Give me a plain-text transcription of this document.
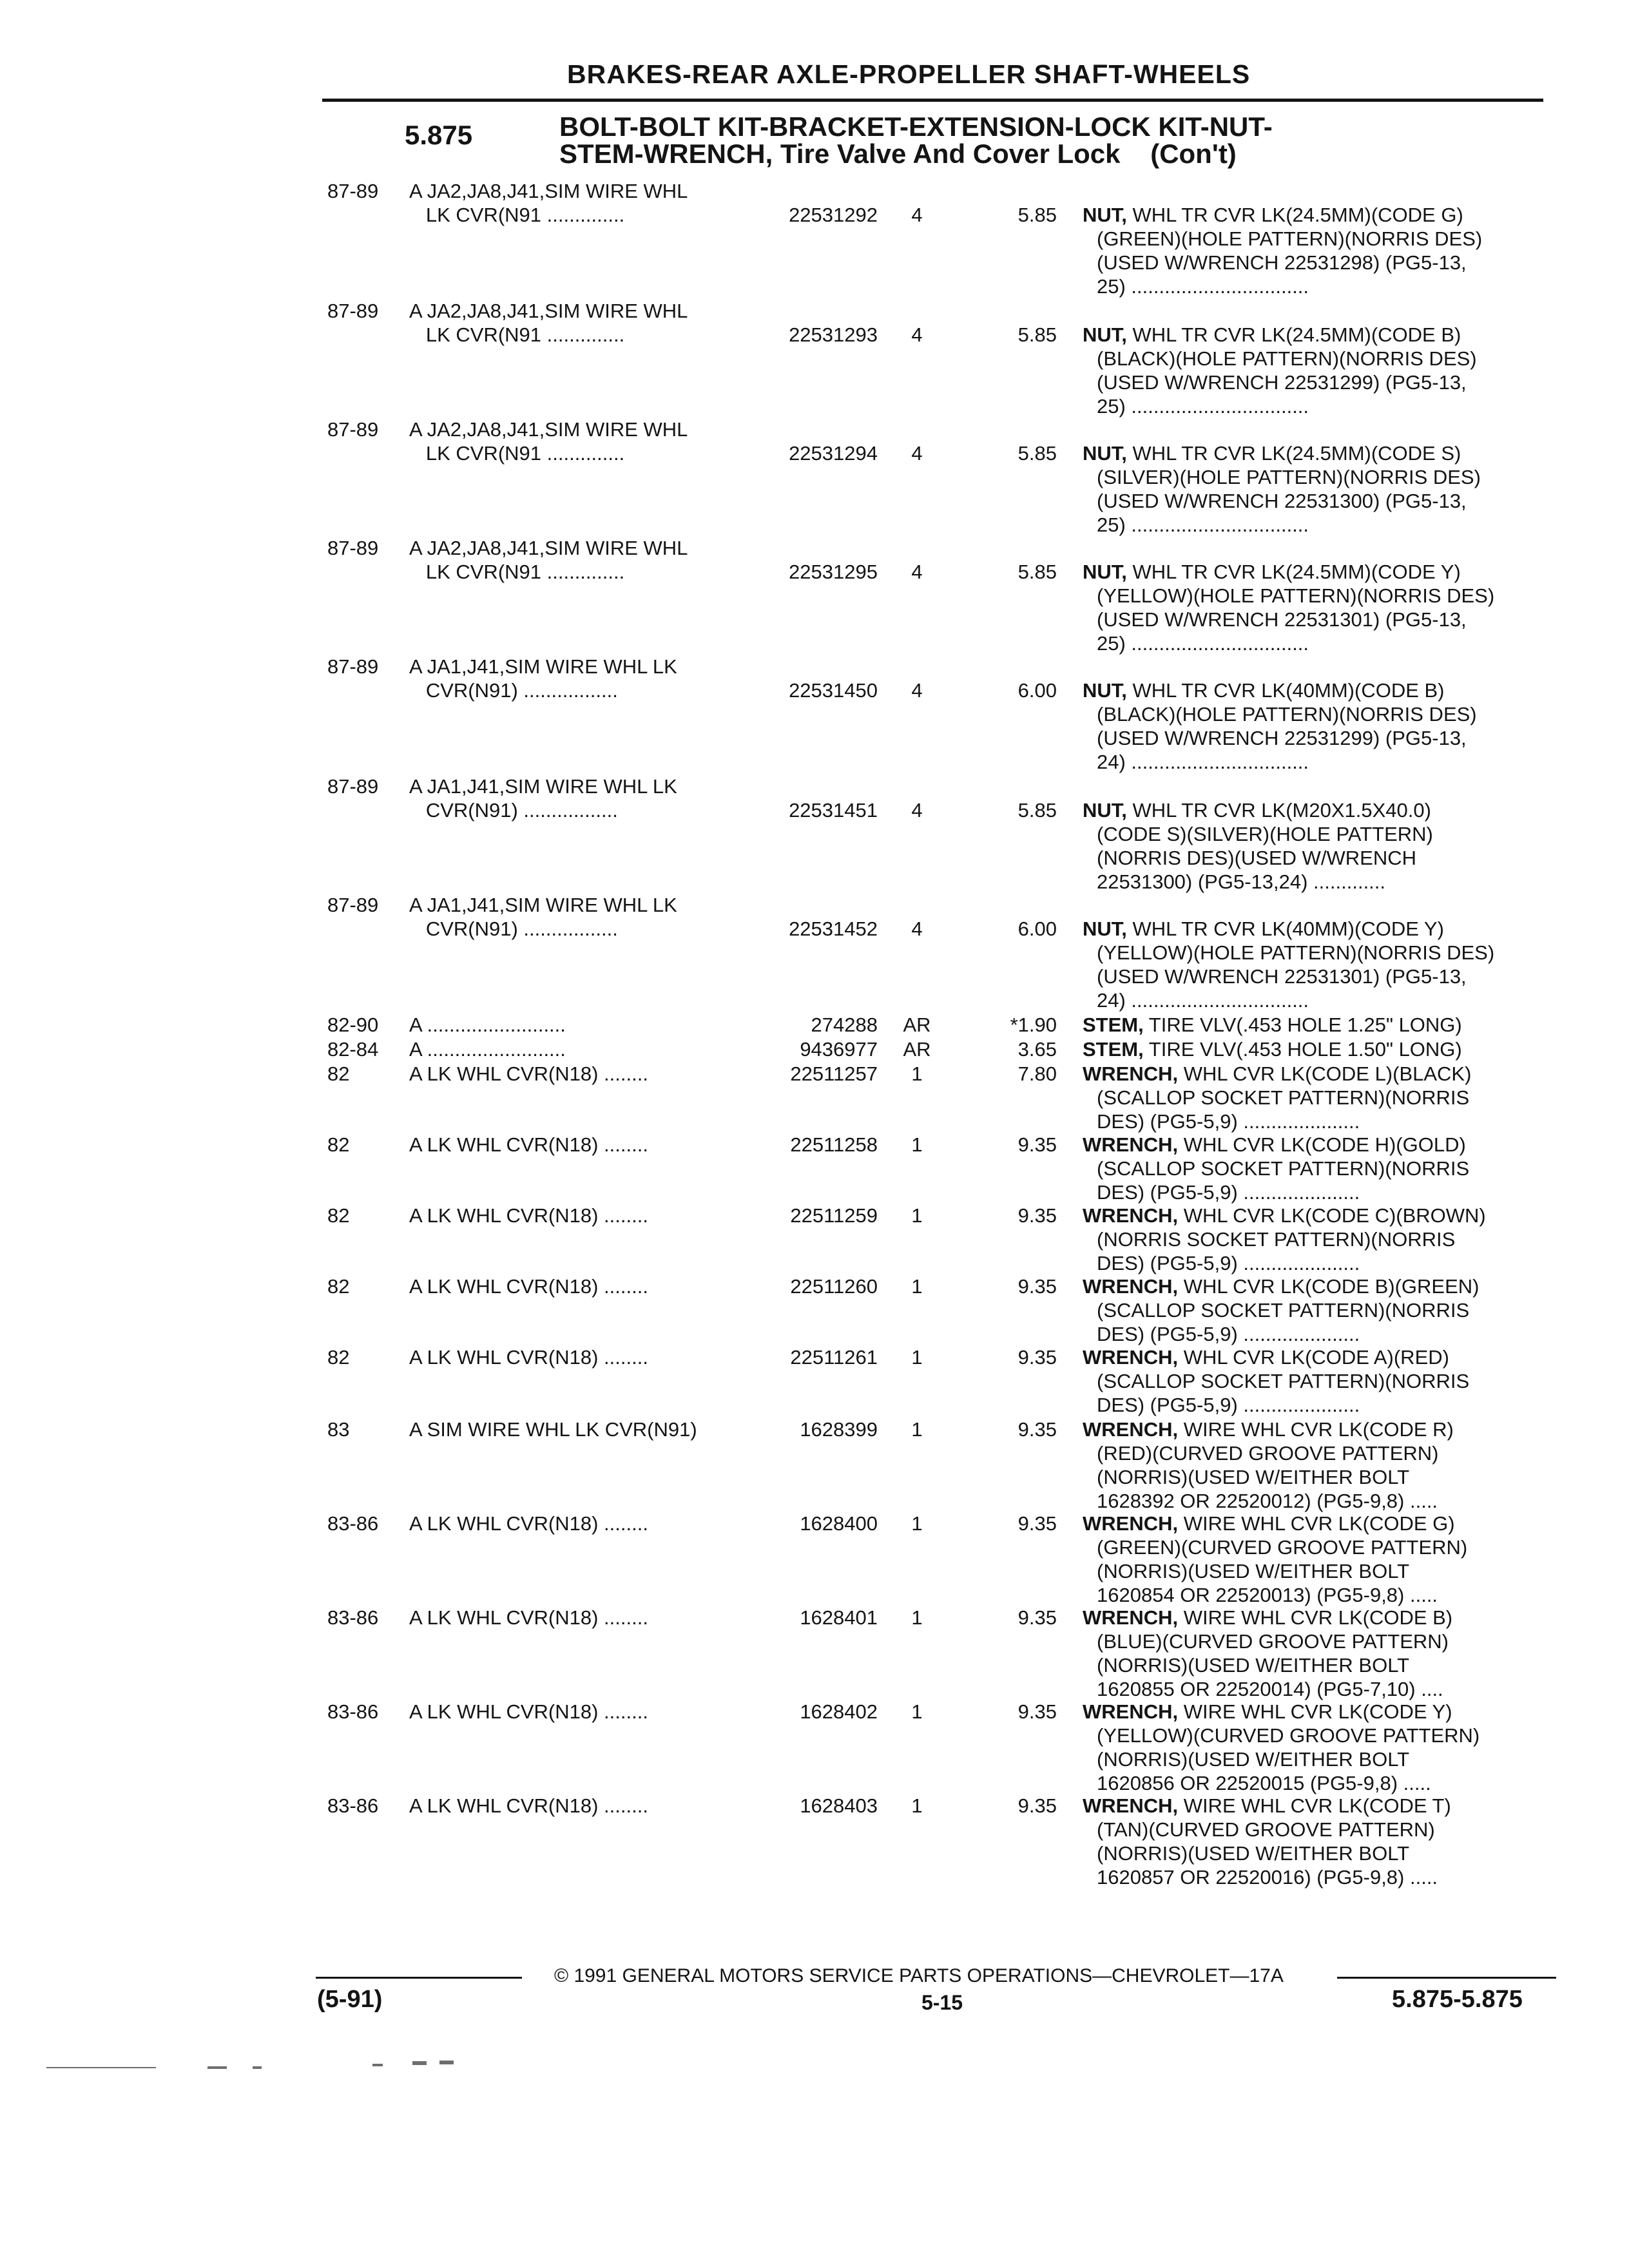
BRAKES-REAR AXLE-PROPELLER SHAFT-WHEELS
5.875	BOLT-BOLT KIT-BRACKET-EXTENSION-LOCK KIT-NUT-
STEM-WRENCH, Tire Valve And Cover Lock (Con't)
87-89 A JA2,JA8,J41,SIM WIRE WHL
LK CVR(N91 ..............	22531292	4	5.85 NUT, WHL TR CVR LK(24.5MM)(CODE G)
(GREEN)(HOLE PATTERN)(NORRIS DES)
(USED W/WRENCH 22531298) (PG5-13,
25) ................................
87-89 A JA2,JA8,J41,SIM WIRE WHL
LK CVR(N91 ..............	22531293	4	5.85 NUT, WHL TR CVR LK(24.5MM)(CODE B)
(BLACK)(HOLE PATTERN)(NORRIS DES)
(USED W/WRENCH 22531299) (PG5-13,
25) ................................
87-89 A JA2,JA8,J41,SIM WIRE WHL
LK CVR(N91 ..............	22531294	4	5.85 NUT, WHL TR CVR LK(24.5MM)(CODE S)
(SILVER)(HOLE PATTERN)(NORRIS DES)
(USED W/WRENCH 22531300) (PG5-13,
25) ................................
87-89 A JA2,JA8,J41,SIM WIRE WHL
LK CVR(N91 ..............	22531295	4	5.85 NUT, WHL TR CVR LK(24.5MM)(CODE Y)
(YELLOW)(HOLE PATTERN)(NORRIS DES)
(USED W/WRENCH 22531301) (PG5-13,
25) ................................
87-89 A JA1,J41,SIM WIRE WHL LK
CVR(N91) .................	22531450	4	6.00 NUT, WHL TR CVR LK(40MM)(CODE B)
(BLACK)(HOLE PATTERN)(NORRIS DES)
(USED W/WRENCH 22531299) (PG5-13,
24) ................................
87-89 A JA1,J41,SIM WIRE WHL LK
CVR(N91) .................	22531451	4	5.85 NUT, WHL TR CVR LK(M20X1.5X40.0)
(CODE S)(SILVER)(HOLE PATTERN)
(NORRIS DES)(USED W/WRENCH
22531300) (PG5-13,24) .............
87-89 A JA1,J41,SIM WIRE WHL LK
CVR(N91) .................	22531452	4	6.00 NUT, WHL TR CVR LK(40MM)(CODE Y)
(YELLOW)(HOLE PATTERN)(NORRIS DES)
(USED W/WRENCH 22531301) (PG5-13,
24) ................................
82-90 A .........................	274288	AR	*1.90 STEM, TIRE VLV(.453 HOLE 1.25" LONG)
82-84 A .........................	9436977	AR	3.65 STEM, TIRE VLV(.453 HOLE 1.50" LONG)
82	A LK WHL CVR(N18) ........	22511257	1	7.80 WRENCH, WHL CVR LK(CODE L)(BLACK)
(SCALLOP SOCKET PATTERN)(NORRIS
DES) (PG5-5,9) .....................
82	A LK WHL CVR(N18) ........	22511258	1	9.35 WRENCH, WHL CVR LK(CODE H)(GOLD)
(SCALLOP SOCKET PATTERN)(NORRIS
DES) (PG5-5,9) .....................
82	A LK WHL CVR(N18) ........	22511259	1	9.35 WRENCH, WHL CVR LK(CODE C)(BROWN)
(NORRIS SOCKET PATTERN)(NORRIS
DES) (PG5-5,9) .....................
82	A LK WHL CVR(N18) ........	22511260	1	9.35 WRENCH, WHL CVR LK(CODE B)(GREEN)
(SCALLOP SOCKET PATTERN)(NORRIS
DES) (PG5-5,9) .....................
82	A LK WHL CVR(N18) ........	22511261	1	9.35 WRENCH, WHL CVR LK(CODE A)(RED)
(SCALLOP SOCKET PATTERN)(NORRIS
DES) (PG5-5,9) .....................
83	A SIM WIRE WHL LK CVR(N91)	1628399	1	9.35 WRENCH, WIRE WHL CVR LK(CODE R)
(RED)(CURVED GROOVE PATTERN)
(NORRIS)(USED W/EITHER BOLT
1628392 OR 22520012) (PG5-9,8) .....
83-86 A LK WHL CVR(N18) ........	1628400	1	9.35 WRENCH, WIRE WHL CVR LK(CODE G)
(GREEN)(CURVED GROOVE PATTERN)
(NORRIS)(USED W/EITHER BOLT
1620854 OR 22520013) (PG5-9,8) .....
83-86 A LK WHL CVR(N18) ........	1628401	1	9.35 WRENCH, WIRE WHL CVR LK(CODE B)
(BLUE)(CURVED GROOVE PATTERN)
(NORRIS)(USED W/EITHER BOLT
1620855 OR 22520014) (PG5-7,10) ....
83-86 A LK WHL CVR(N18) ........	1628402	1	9.35 WRENCH, WIRE WHL CVR LK(CODE Y)
(YELLOW)(CURVED GROOVE PATTERN)
(NORRIS)(USED W/EITHER BOLT
1620856 OR 22520015 (PG5-9,8) .....
83-86 A LK WHL CVR(N18) ........	1628403	1	9.35 WRENCH, WIRE WHL CVR LK(CODE T)
(TAN)(CURVED GROOVE PATTERN)
(NORRIS)(USED W/EITHER BOLT
1620857 OR 22520016) (PG5-9,8) .....
© 1991 GENERAL MOTORS SERVICE PARTS OPERATIONS—CHEVROLET—17A
(5-91)	5-15	5.875-5.875
